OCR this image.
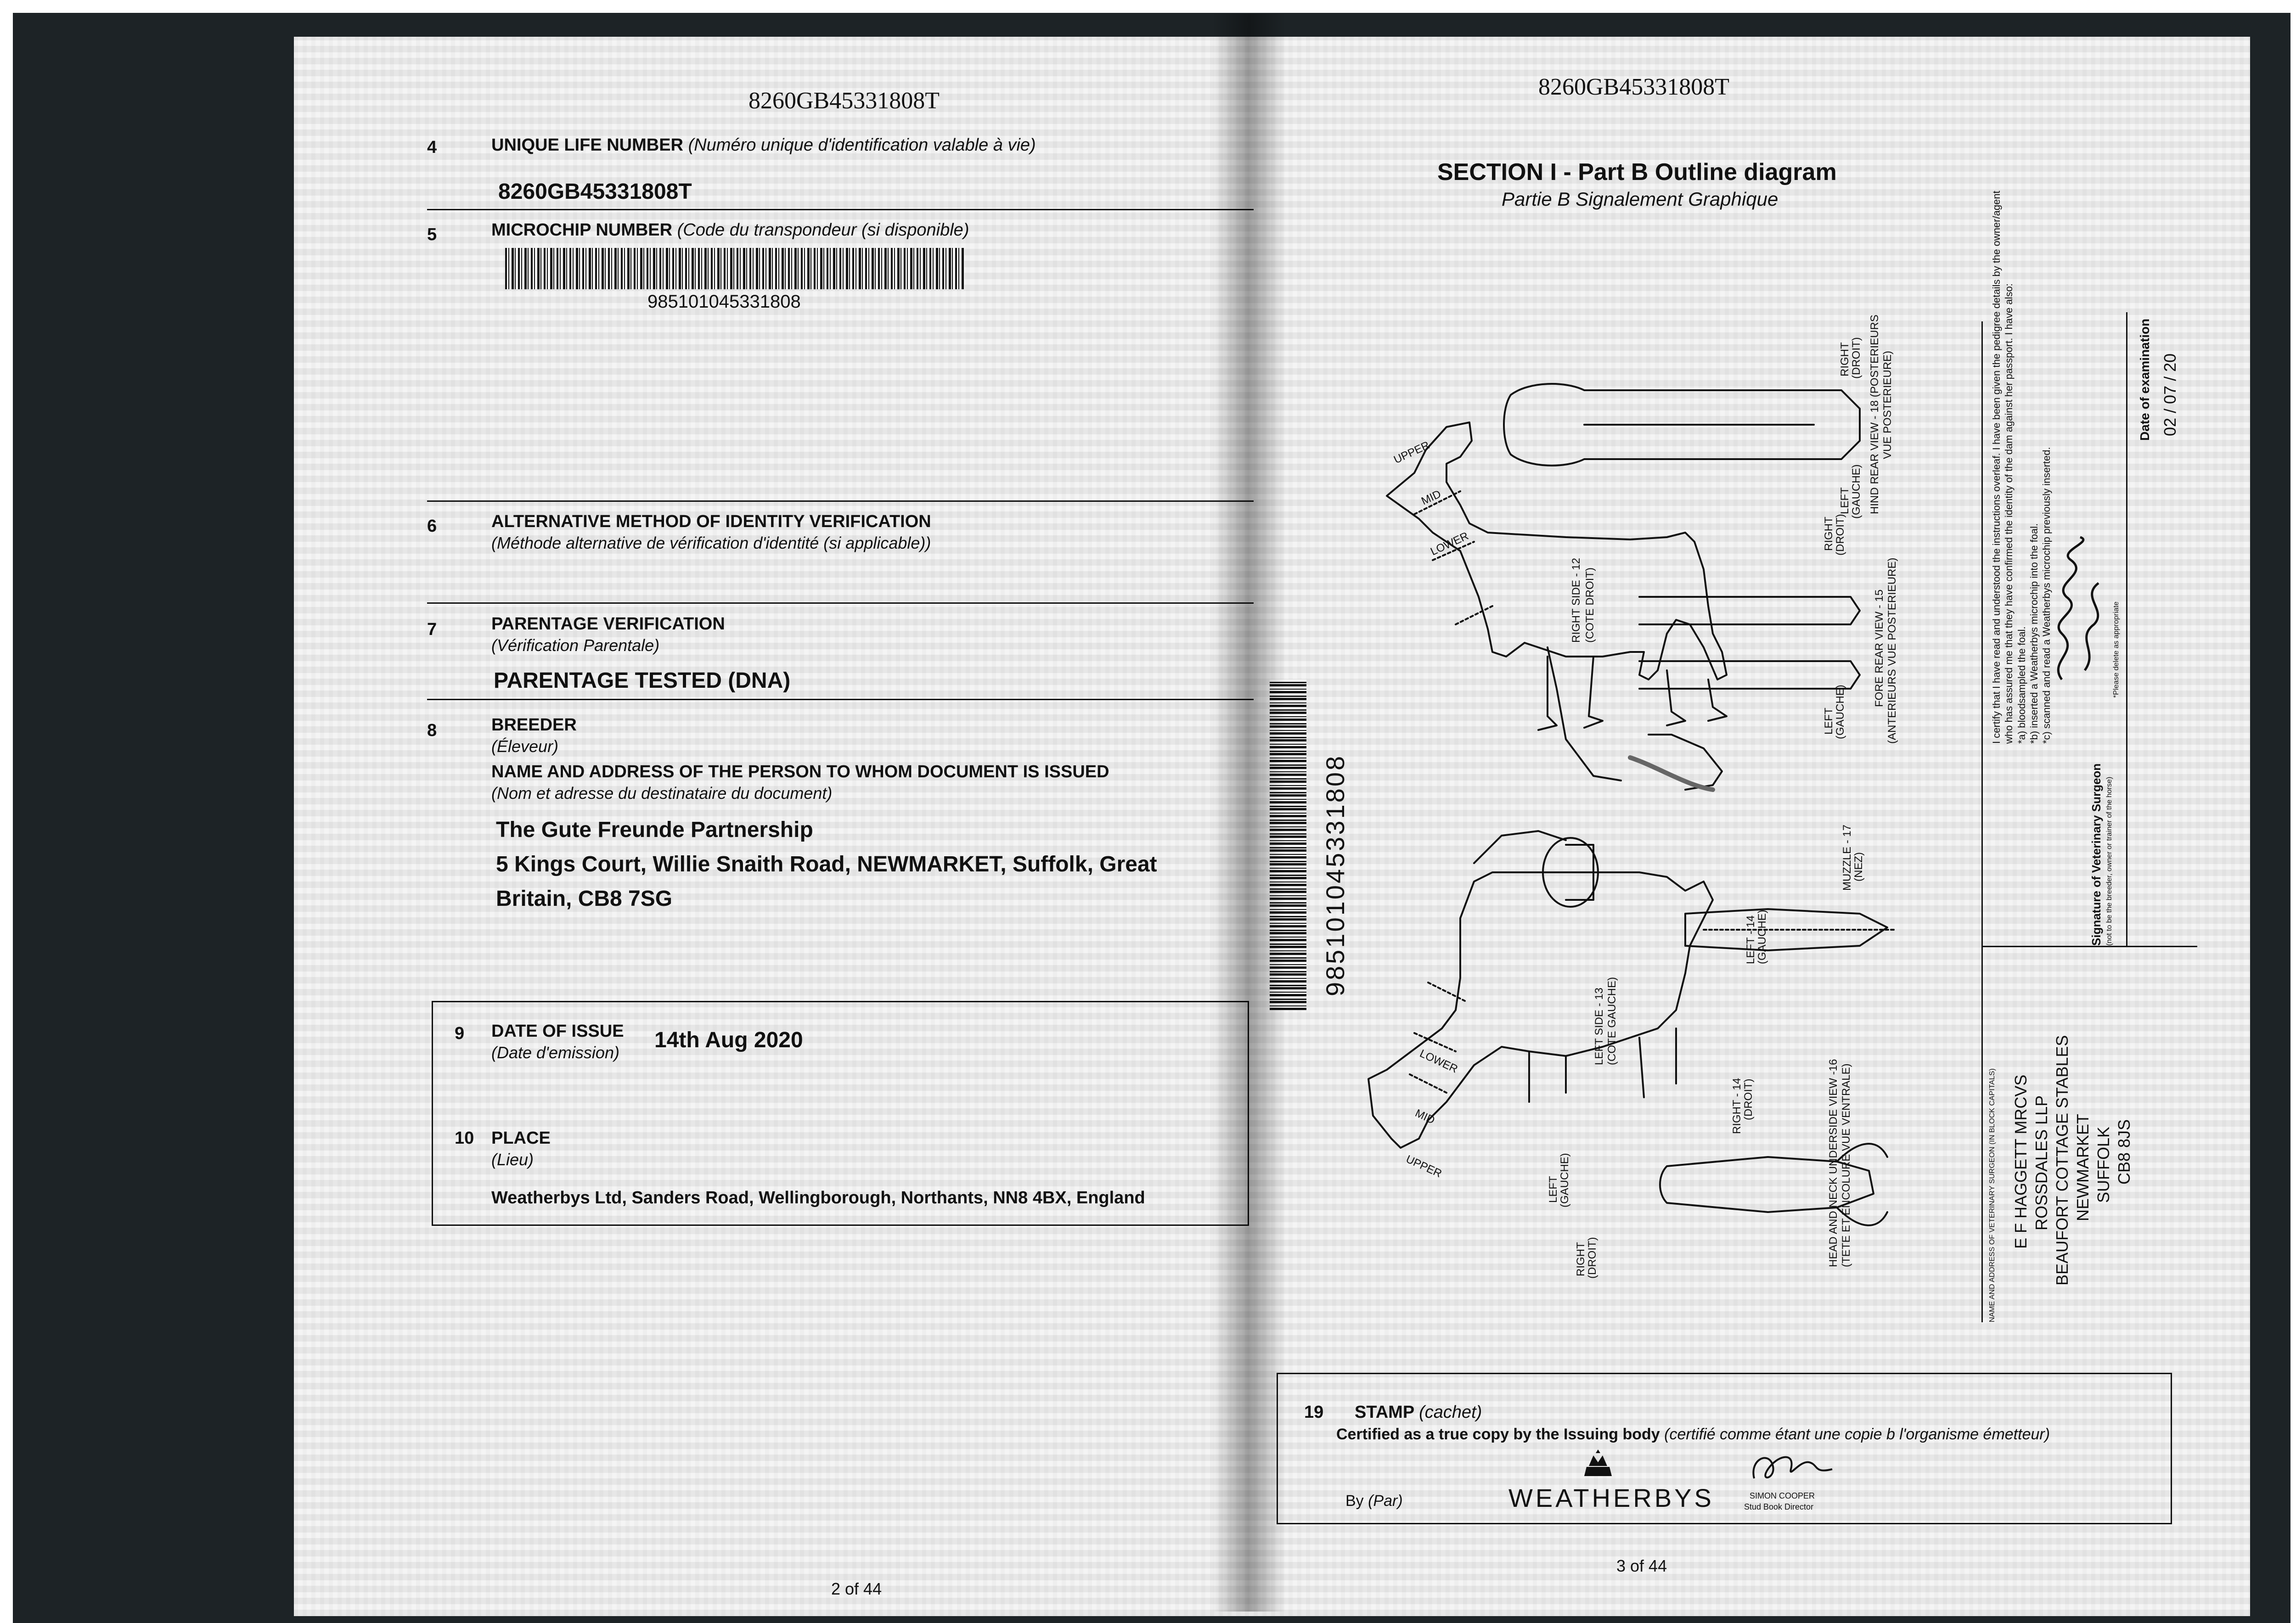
8260GB45331808T
4	UNIQUE LIFE NUMBER (Numéro unique d'identification valable à vie)
8260GB45331808T
5	MICROCHIP NUMBER (Code du transpondeur (si disponible)
985101045331808
6	ALTERNATIVE METHOD OF IDENTITY VERIFICATION
(Méthode alternative de vérification d'identité (si applicable))
7	PARENTAGE VERIFICATION
(Vérification Parentale)
PARENTAGE TESTED (DNA)
8	BREEDER
(Éleveur)
NAME AND ADDRESS OF THE PERSON TO WHOM DOCUMENT IS ISSUED
(Nom et adresse du destinataire du document)
The Gute Freunde Partnership
5 Kings Court, Willie Snaith Road, NEWMARKET, Suffolk, Great
Britain, CB8 7SG
9 DATE OF ISSUE
(Date d'emission)
14th Aug 2020
10 PLACE
(Lieu)
Weatherbys Ltd, Sanders Road, Wellingborough, Northants, NN8 4BX, England
2 of 44
8260GB45331808T
SECTION I - Part B Outline diagram
Partie B Signalement Graphique
985101045331808
UPPER
MID
LOWER
RIGHT SIDE - 12 (COTE DROIT)
RIGHT
(DROIT)
LEFT
(GAUCHE) HIND REAR VIEW - 18 (POSTERIEURS VUE POSTERIEURE)
FORE REAR VIEW - 15 (ANTERIEURS VUE POSTERIEURE)
RIGHT
(DROIT)
LEFT
(GAUCHE)
MUZZLE - 17
(NEZ)
LEFT - 14
(GAUCHE)
LEFT SIDE - 13 (COTE GAUCHE)
RIGHT - 14
(DROIT)
LEFT
(GAUCHE)
RIGHT
(DROIT)	HEAD AND NECK UNDERSIDE VIEW -16 (TETE ET ENCOLURE VUE VENTRALE)
UPPER
MID
LOWER
I certify that I have read and understood the instructions overleaf. I have been given the pedigree details by the owner/agent who has assured me that they have confirmed the identity of the dam against her passport. I have also: *a) bloodsampled the foal. *b) inserted a Weatherbys microchip into the foal. *c) scanned and read a Weatherbys microchip previously inserted.	*Please delete as appropriate
Signature of Veterinary Surgeon (not to be the breeder, owner or trainer of the horse)
Date of examination 02 / 07 / 20
NAME AND ADDRESS OF VETERINARY SURGEON (IN BLOCK CAPITALS) E F HAGGETT MRCVS ROSSDALES LLP BEAUFORT COTTAGE STABLES NEWMARKET SUFFOLK CB8 8JS
19 STAMP (cachet)
Certified as a true copy by the Issuing body (certifié comme étant une copie b l'organisme émetteur)
By (Par)	WEATHERBYS	SIMON COOPER
Stud Book Director
3 of 44
